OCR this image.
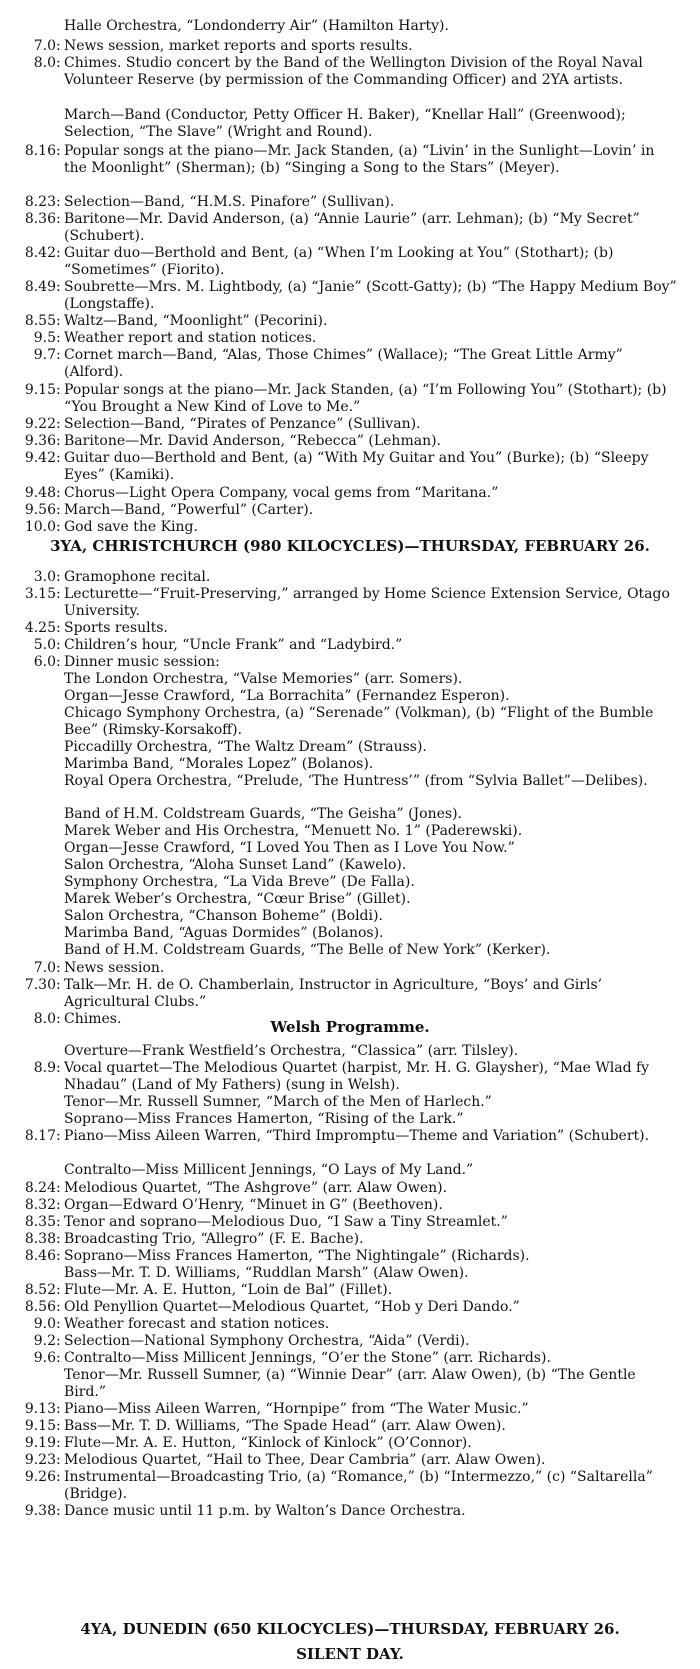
Halle Orchestra, “Londonderry Air” (Hamilton Harty).
7.0 : News session, market reports and sports results.
8.0 : Chimes. Studio concert by the Band of the Wellington Division of the Royal Naval Volunteer Reserve (by permission of the Commanding Officer) and 2YA artists.
March—Band (Conductor, Petty Officer H. Baker), “Knellar Hall” (Greenwood); Selection, “The Slave” (Wright and Round).
8.16 : Popular songs at the piano—Mr. Jack Standen, (a) “Livin’ in the Sunlight—Lovin’ in the Moonlight” (Sherman); (b) “Singing a Song to the Stars” (Meyer).
8.23 : Selection—Band, “H.M.S. Pinafore” (Sullivan).
8.36 : Baritone—Mr. David Anderson, (a) “Annie Laurie” (arr. Lehman); (b) “My Secret” (Schubert).
8.42 : Guitar duo—Berthold and Bent, (a) “When I’m Looking at You” (Stothart); (b) “Sometimes” (Fiorito).
8.49 : Soubrette—Mrs. M. Lightbody, (a) “Janie” (Scott-Gatty); (b) “The Happy Medium Boy” (Longstaffe).
8.55 : Waltz—Band, “Moonlight” (Pecorini).
9.5 : Weather report and station notices.
9.7 : Cornet march—Band, “Alas, Those Chimes” (Wallace); “The Great Little Army” (Alford).
9.15 : Popular songs at the piano—Mr. Jack Standen, (a) “I’m Following You” (Stothart); (b) “You Brought a New Kind of Love to Me.”
9.22 : Selection—Band, “Pirates of Penzance” (Sullivan).
9.36 : Baritone—Mr. David Anderson, “Rebecca” (Lehman).
9.42 : Guitar duo—Berthold and Bent, (a) “With My Guitar and You” (Burke); (b) “Sleepy Eyes” (Kamiki).
9.48 : Chorus—Light Opera Company, vocal gems from “Maritana.”
9.56 : March—Band, “Powerful” (Carter).
10.0 : God save the King.
3YA, CHRISTCHURCH (980 KILOCYCLES)—THURSDAY, FEBRUARY 26.
3.0 : Gramophone recital.
3.15 : Lecturette—“Fruit-Preserving,” arranged by Home Science Extension Service, Otago University.
4.25 : Sports results.
5.0 : Children’s hour, “Uncle Frank” and “Ladybird.”
6.0 : Dinner music session:
The London Orchestra, “Valse Memories” (arr. Somers).
Organ—Jesse Crawford, “La Borrachita” (Fernandez Esperon).
Chicago Symphony Orchestra, (a) “Serenade” (Volkman), (b) “Flight of the Bumble Bee” (Rimsky-Korsakoff).
Piccadilly Orchestra, “The Waltz Dream” (Strauss).
Marimba Band, “Morales Lopez” (Bolanos).
Royal Opera Orchestra, “Prelude, ‘The Huntress’” (from “Sylvia Ballet”—Delibes).
Band of H.M. Coldstream Guards, “The Geisha” (Jones).
Marek Weber and His Orchestra, “Menuett No. 1” (Paderewski).
Organ—Jesse Crawford, “I Loved You Then as I Love You Now.”
Salon Orchestra, “Aloha Sunset Land” (Kawelo).
Symphony Orchestra, “La Vida Breve” (De Falla).
Marek Weber’s Orchestra, “Cœur Brise” (Gillet).
Salon Orchestra, “Chanson Boheme” (Boldi).
Marimba Band, “Aguas Dormides” (Bolanos).
Band of H.M. Coldstream Guards, “The Belle of New York” (Kerker).
7.0 : News session.
7.30 : Talk—Mr. H. de O. Chamberlain, Instructor in Agriculture, “Boys’ and Girls’ Agricultural Clubs.”
8.0 : Chimes.	Welsh Programme.
Overture—Frank Westfield’s Orchestra, “Classica” (arr. Tilsley).
8.9 : Vocal quartet—The Melodious Quartet (harpist, Mr. H. G. Glaysher), “Mae Wlad fy Nhadau” (Land of My Fathers) (sung in Welsh).
Tenor—Mr. Russell Sumner, “March of the Men of Harlech.”
Soprano—Miss Frances Hamerton, “Rising of the Lark.”
8.17 : Piano—Miss Aileen Warren, “Third Impromptu—Theme and Variation” (Schubert).
Contralto—Miss Millicent Jennings, “O Lays of My Land.”
8.24 : Melodious Quartet, “The Ashgrove” (arr. Alaw Owen).
8.32 : Organ—Edward O’Henry, “Minuet in G” (Beethoven).
8.35 : Tenor and soprano—Melodious Duo, “I Saw a Tiny Streamlet.”
8.38 : Broadcasting Trio, “Allegro” (F. E. Bache).
8.46 : Soprano—Miss Frances Hamerton, “The Nightingale” (Richards).
Bass—Mr. T. D. Williams, “Ruddlan Marsh” (Alaw Owen).
8.52 : Flute—Mr. A. E. Hutton, “Loin de Bal” (Fillet).
8.56 : Old Penyllion Quartet—Melodious Quartet, “Hob y Deri Dando.”
9.0 : Weather forecast and station notices.
9.2 : Selection—National Symphony Orchestra, “Aida” (Verdi).
9.6 : Contralto—Miss Millicent Jennings, “O’er the Stone” (arr. Richards).
Tenor—Mr. Russell Sumner, (a) “Winnie Dear” (arr. Alaw Owen), (b) “The Gentle Bird.”
9.13 : Piano—Miss Aileen Warren, “Hornpipe” from “The Water Music.”
9.15 : Bass—Mr. T. D. Williams, “The Spade Head” (arr. Alaw Owen).
9.19 : Flute—Mr. A. E. Hutton, “Kinlock of Kinlock” (O’Connor).
9.23 : Melodious Quartet, “Hail to Thee, Dear Cambria” (arr. Alaw Owen).
9.26 : Instrumental—Broadcasting Trio, (a) “Romance,” (b) “Intermezzo,” (c) “Saltarella” (Bridge).
9.38 : Dance music until 11 p.m. by Walton’s Dance Orchestra.
4YA, DUNEDIN (650 KILOCYCLES)—THURSDAY, FEBRUARY 26.
SILENT DAY.
